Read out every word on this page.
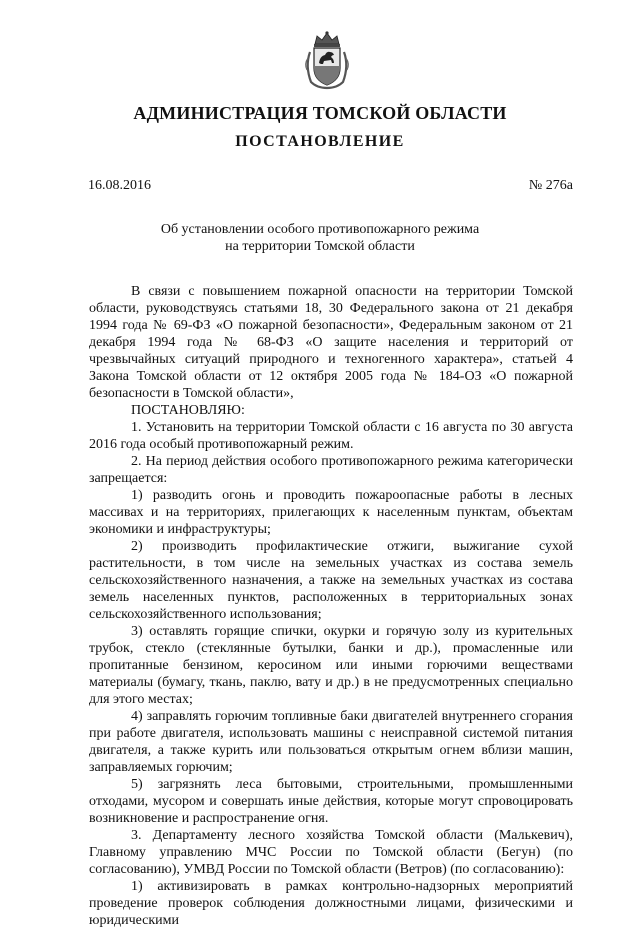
АДМИНИСТРАЦИЯ ТОМСКОЙ ОБЛАСТИ
ПОСТАНОВЛЕНИЕ
16.08.2016	№ 276а
Об установлении особого противопожарного режима
на территории Томской области

В связи с повышением пожарной опасности на территории Томской области, руководствуясь статьями 18, 30 Федерального закона от 21 декабря 1994 года № 69-ФЗ «О пожарной безопасности», Федеральным законом от 21 декабря 1994 года № 68-ФЗ «О защите населения и территорий от чрезвычайных ситуаций природного и техногенного характера», статьей 4 Закона Томской области от 12 октября 2005 года № 184-ОЗ «О пожарной безопасности в Томской области»,

ПОСТАНОВЛЯЮ:

1. Установить на территории Томской области с 16 августа по 30 августа 2016 года особый противопожарный режим.

2. На период действия особого противопожарного режима категорически запрещается:

1) разводить огонь и проводить пожароопасные работы в лесных массивах и на территориях, прилегающих к населенным пунктам, объектам экономики и инфраструктуры;

2) производить профилактические отжиги, выжигание сухой растительности, в том числе на земельных участках из состава земель сельскохозяйственного назначения, а также на земельных участках из состава земель населенных пунктов, расположенных в территориальных зонах сельскохозяйственного использования;

3) оставлять горящие спички, окурки и горячую золу из курительных трубок, стекло (стеклянные бутылки, банки и др.), промасленные или пропитанные бензином, керосином или иными горючими веществами материалы (бумагу, ткань, паклю, вату и др.) в не предусмотренных специально для этого местах;

4) заправлять горючим топливные баки двигателей внутреннего сгорания при работе двигателя, использовать машины с неисправной системой питания двигателя, а также курить или пользоваться открытым огнем вблизи машин, заправляемых горючим;

5) загрязнять леса бытовыми, строительными, промышленными отходами, мусором и совершать иные действия, которые могут спровоцировать возникновение и распространение огня.

3. Департаменту лесного хозяйства Томской области (Малькевич), Главному управлению МЧС России по Томской области (Бегун) (по согласованию), УМВД России по Томской области (Ветров) (по согласованию):

1) активизировать в рамках контрольно-надзорных мероприятий проведение проверок соблюдения должностными лицами, физическими и юридическими
